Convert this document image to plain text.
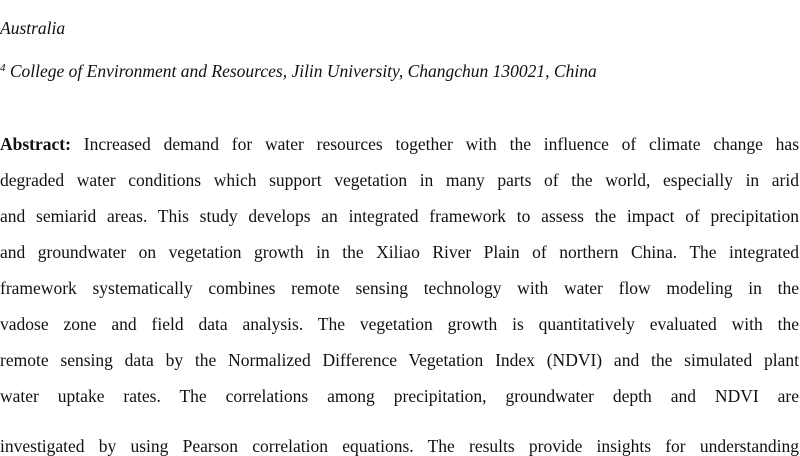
Australia
$^4$ College of Environment and Resources, Jilin University, Changchun 130021, China
Abstract: Increased demand for water resources together with the influence of climate change has
degraded water conditions which support vegetation in many parts of the world, especially in arid
and semiarid areas. This study develops an integrated framework to assess the impact of precipitation
and groundwater on vegetation growth in the Xiliao River Plain of northern China. The integrated
framework systematically combines remote sensing technology with water flow modeling in the
vadose zone and field data analysis. The vegetation growth is quantitatively evaluated with the
remote sensing data by the Normalized Difference Vegetation Index (NDVI) and the simulated plant
water uptake rates. The correlations among precipitation, groundwater depth and NDVI are
investigated by using Pearson correlation equations. The results provide insights for understanding
